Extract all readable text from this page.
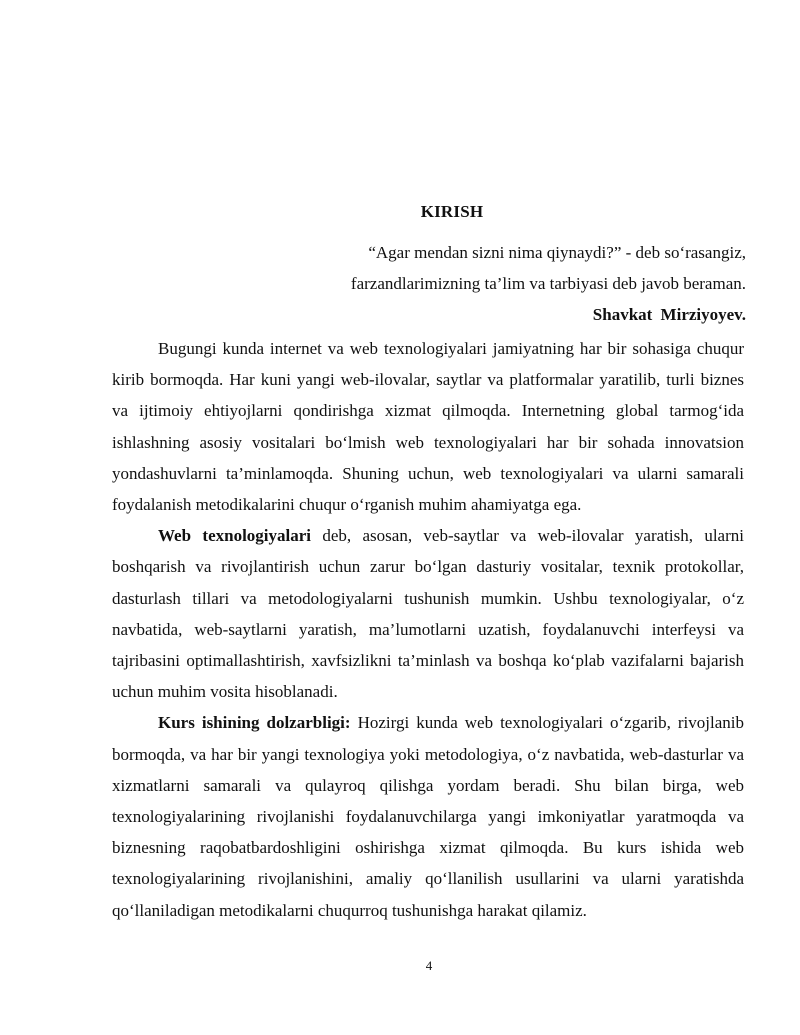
KIRISH
“Agar mendan sizni nima qiynaydi?” - deb so‘rasangiz,
farzandlarimizning ta’lim va tarbiyasi deb javob beraman.
Shavkat Mirziyoyev.

Bugungi kunda internet va web texnologiyalari jamiyatning har bir sohasiga chuqur kirib bormoqda. Har kuni yangi web-ilovalar, saytlar va platformalar yaratilib, turli biznes va ijtimoiy ehtiyojlarni qondirishga xizmat qilmoqda. Internetning global tarmog‘ida ishlashning asosiy vositalari bo‘lmish web texnologiyalari har bir sohada innovatsion yondashuvlarni ta’minlamoqda. Shuning uchun, web texnologiyalari va ularni samarali foydalanish metodikalarini chuqur o‘rganish muhim ahamiyatga ega.

Web texnologiyalari deb, asosan, veb-saytlar va web-ilovalar yaratish, ularni boshqarish va rivojlantirish uchun zarur bo‘lgan dasturiy vositalar, texnik protokollar, dasturlash tillari va metodologiyalarni tushunish mumkin. Ushbu texnologiyalar, o‘z navbatida, web-saytlarni yaratish, ma’lumotlarni uzatish, foydalanuvchi interfeysi va tajribasini optimallashtirish, xavfsizlikni ta’minlash va boshqa ko‘plab vazifalarni bajarish uchun muhim vosita hisoblanadi.

Kurs ishining dolzarbligi: Hozirgi kunda web texnologiyalari o‘zgarib, rivojlanib bormoqda, va har bir yangi texnologiya yoki metodologiya, o‘z navbatida, web-dasturlar va xizmatlarni samarali va qulayroq qilishga yordam beradi. Shu bilan birga, web texnologiyalarining rivojlanishi foydalanuvchilarga yangi imkoniyatlar yaratmoqda va biznesning raqobatbardoshligini oshirishga xizmat qilmoqda. Bu kurs ishida web texnologiyalarining rivojlanishini, amaliy qo‘llanilish usullarini va ularni yaratishda qo‘llaniladigan metodikalarni chuqurroq tushunishga harakat qilamiz.

4
